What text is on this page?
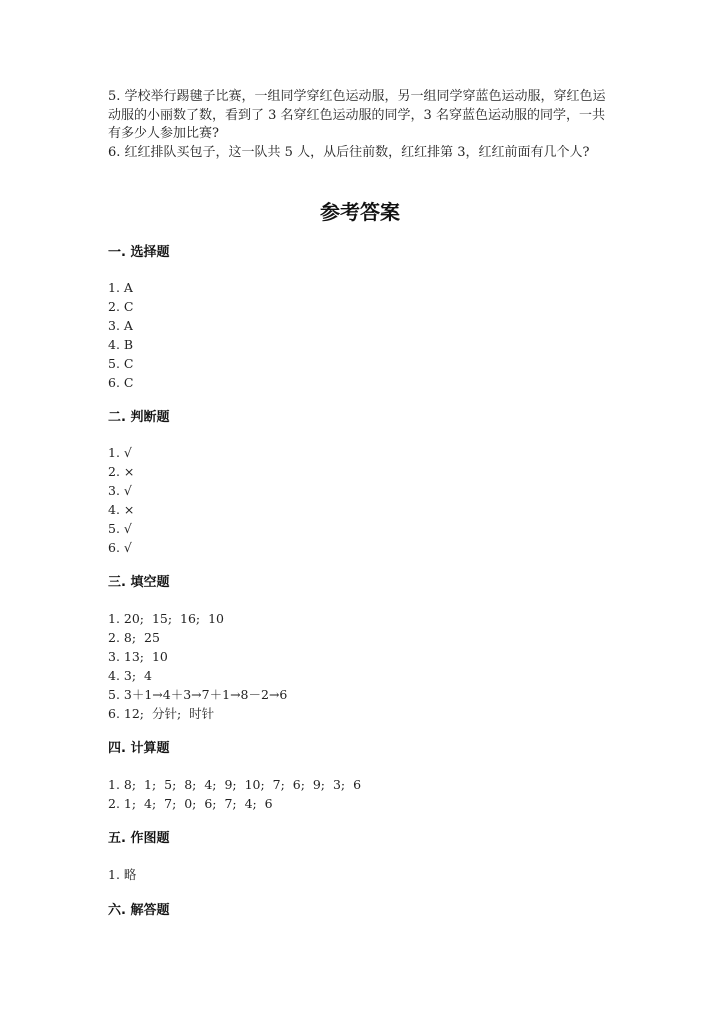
5. 学校举行踢毽子比赛，一组同学穿红色运动服，另一组同学穿蓝色运动服，穿红色运动服的小丽数了数，看到了 3 名穿红色运动服的同学，3 名穿蓝色运动服的同学，一共有多少人参加比赛?

6. 红红排队买包子，这一队共 5 人，从后往前数，红红排第 3，红红前面有几个人?

参考答案
一. 选择题
1. A
2. C
3. A
4. B
5. C
6. C
二. 判断题
1. √
2. ×
3. √
4. ×
5. √
6. √
三. 填空题
1. 20;  15;  16;  10
2. 8;  25
3. 13;  10
4. 3;  4
5. 3＋1→4＋3→7＋1→8－2→6
6. 12;  分针;  时针
四. 计算题
1. 8;  1;  5;  8;  4;  9;  10;  7;  6;  9;  3;  6
2. 1;  4;  7;  0;  6;  7;  4;  6
五. 作图题
1. 略
六. 解答题
